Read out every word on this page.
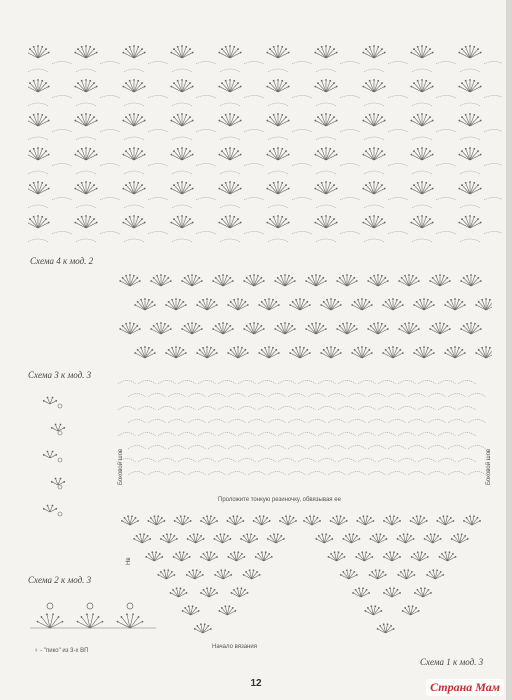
Схема 4 к мод. 2
Боковой шов	Боковой шов
Проложите тонкую резиночку, обвязывая ее
Нв
Начало вязания
Схема 1 к мод. 3
Схема 3 к мод. 3
Схема 2 к мод. 3
♀ - "пико" из 3-х ВП
12	Страна Мам
